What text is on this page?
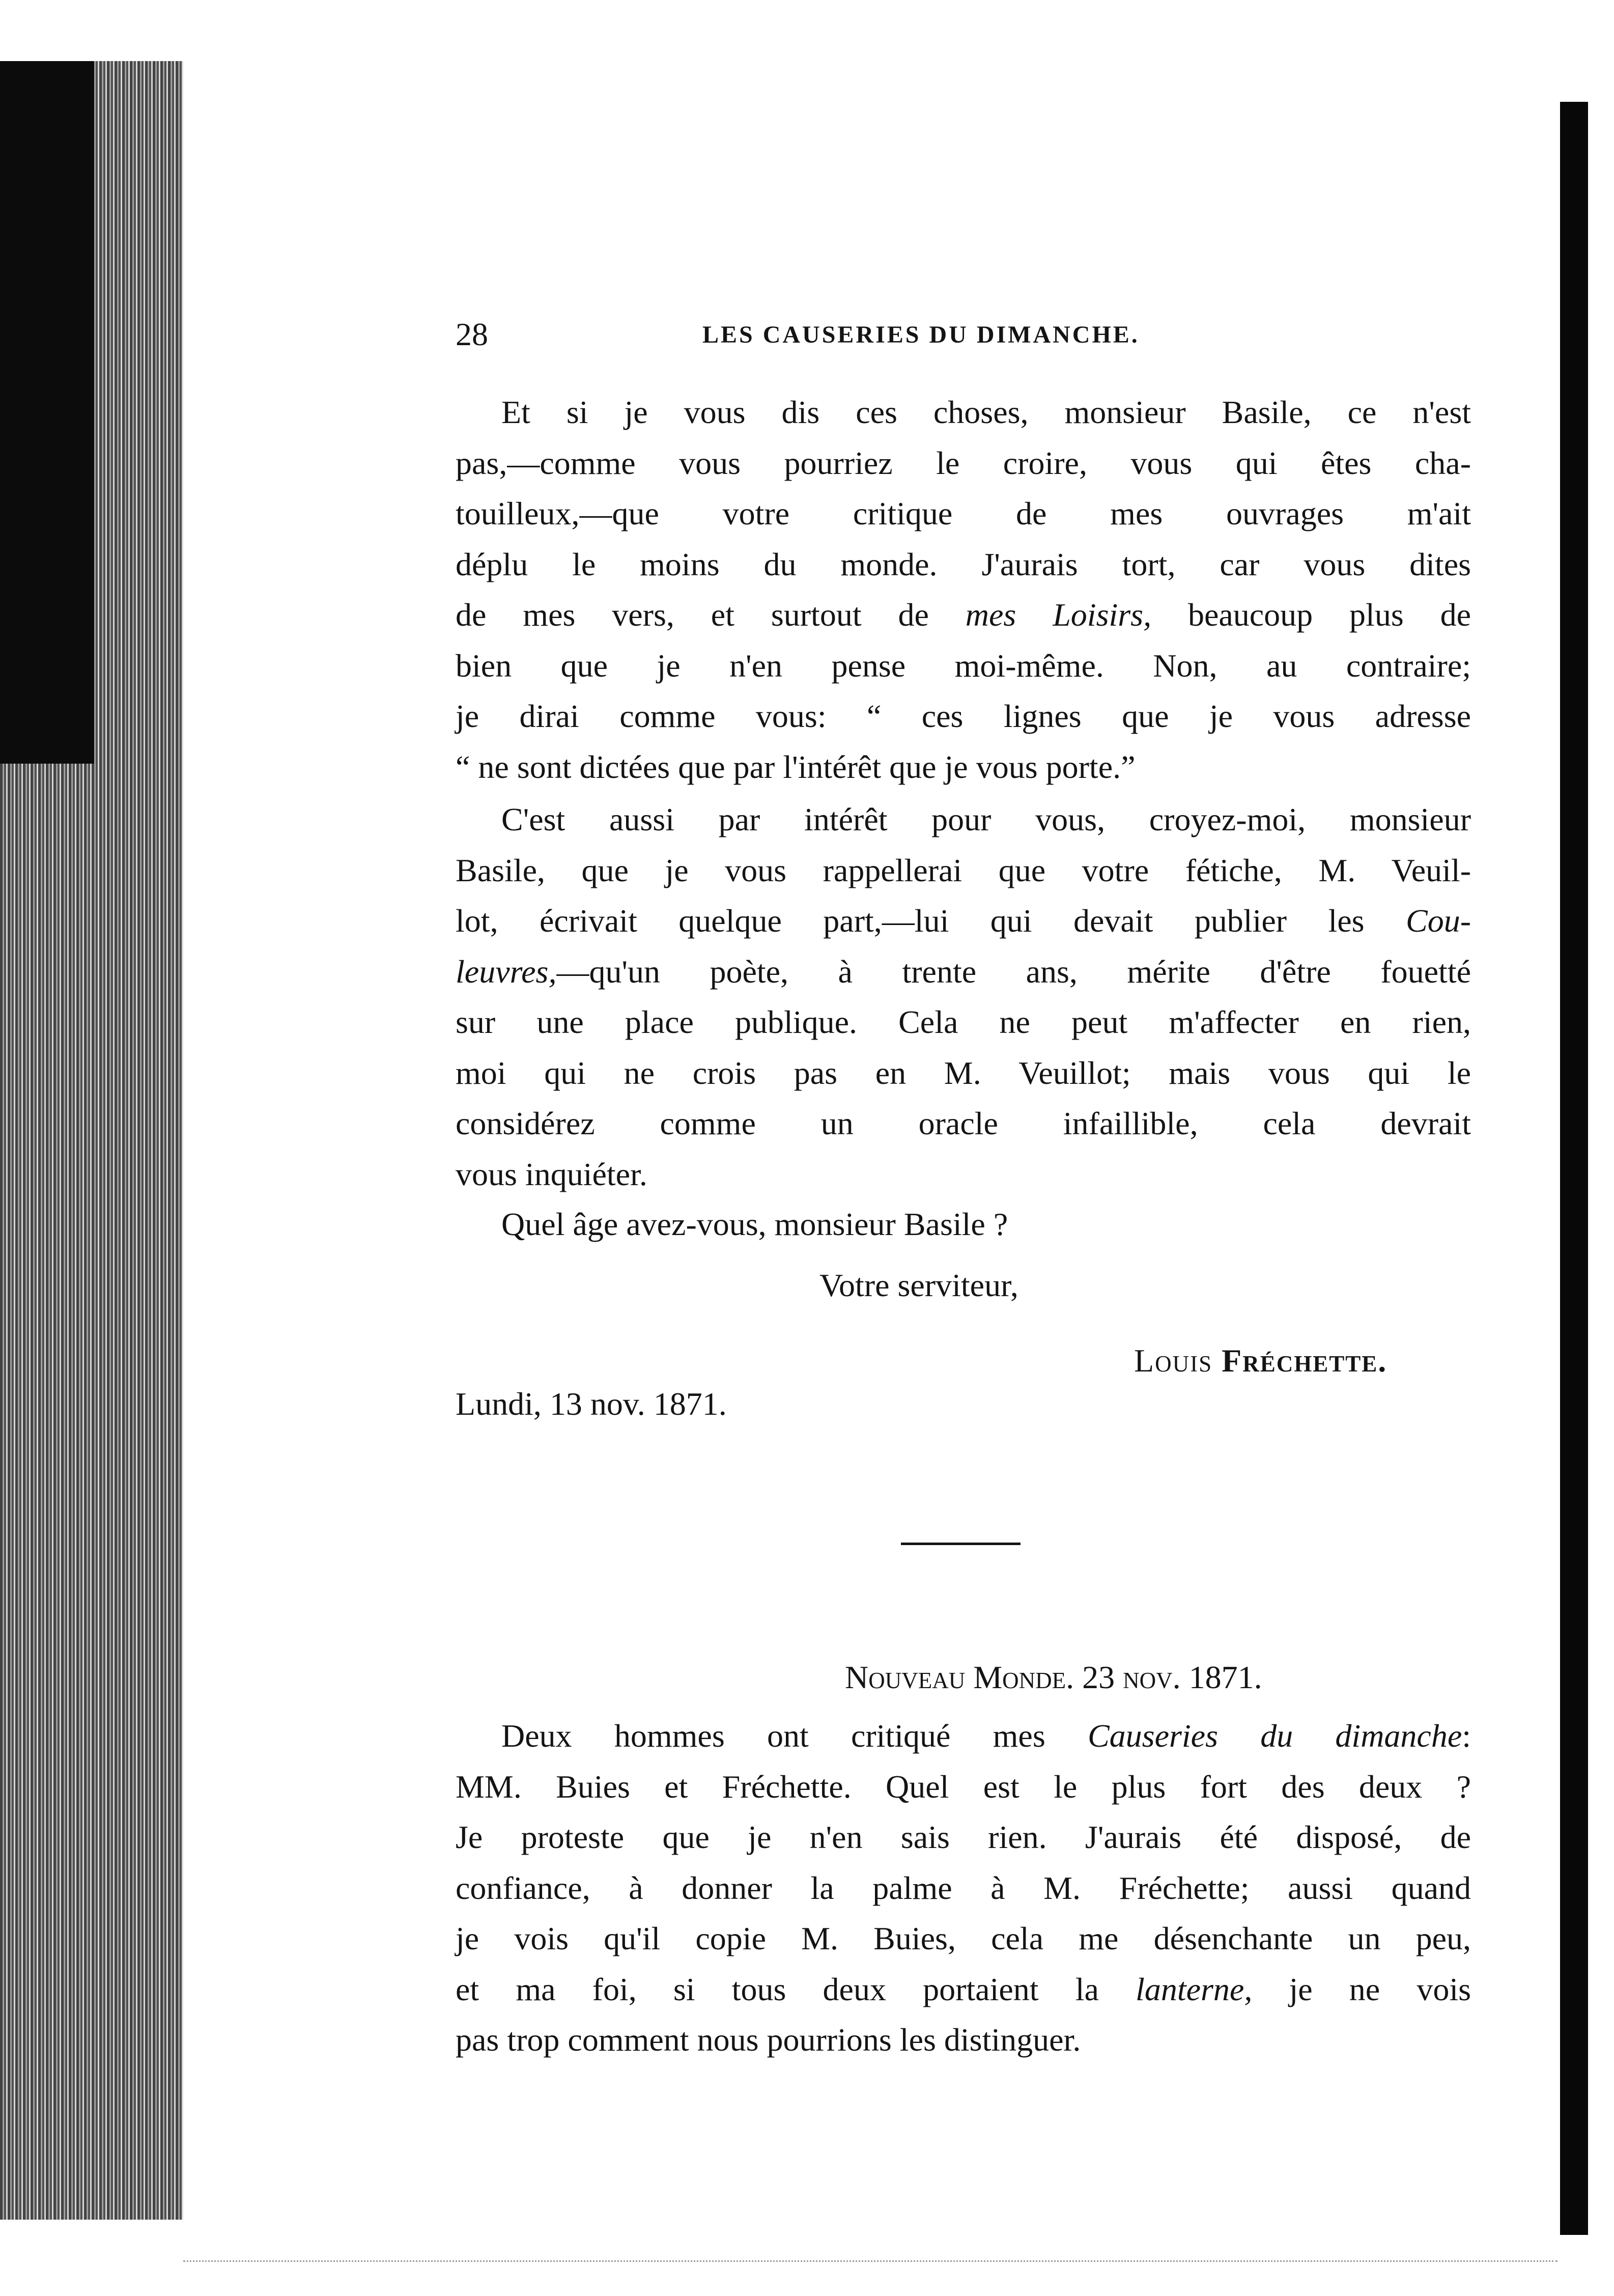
28	LES CAUSERIES DU DIMANCHE.
Et si je vous dis ces choses, monsieur Basile, ce n'est
pas,—comme vous pourriez le croire, vous qui êtes cha-
touilleux,—que votre critique de mes ouvrages m'ait
déplu le moins du monde. J'aurais tort, car vous dites
de mes vers, et surtout de mes Loisirs, beaucoup plus de
bien que je n'en pense moi-même. Non, au contraire;
je dirai comme vous: “ ces lignes que je vous adresse
“ ne sont dictées que par l'intérêt que je vous porte.”
C'est aussi par intérêt pour vous, croyez-moi, monsieur
Basile, que je vous rappellerai que votre fétiche, M. Veuil-
lot, écrivait quelque part,—lui qui devait publier les Cou-
leuvres,—qu'un poète, à trente ans, mérite d'être fouetté
sur une place publique. Cela ne peut m'affecter en rien,
moi qui ne crois pas en M. Veuillot; mais vous qui le
considérez comme un oracle infaillible, cela devrait
vous inquiéter.
Quel âge avez-vous, monsieur Basile ?
Votre serviteur,
Louis Fréchette.
Lundi, 13 nov. 1871.
Nouveau Monde. 23 nov. 1871.
Deux hommes ont critiqué mes Causeries du dimanche:
MM. Buies et Fréchette. Quel est le plus fort des deux ?
Je proteste que je n'en sais rien. J'aurais été disposé, de
confiance, à donner la palme à M. Fréchette; aussi quand
je vois qu'il copie M. Buies, cela me désenchante un peu,
et ma foi, si tous deux portaient la lanterne, je ne vois
pas trop comment nous pourrions les distinguer.
